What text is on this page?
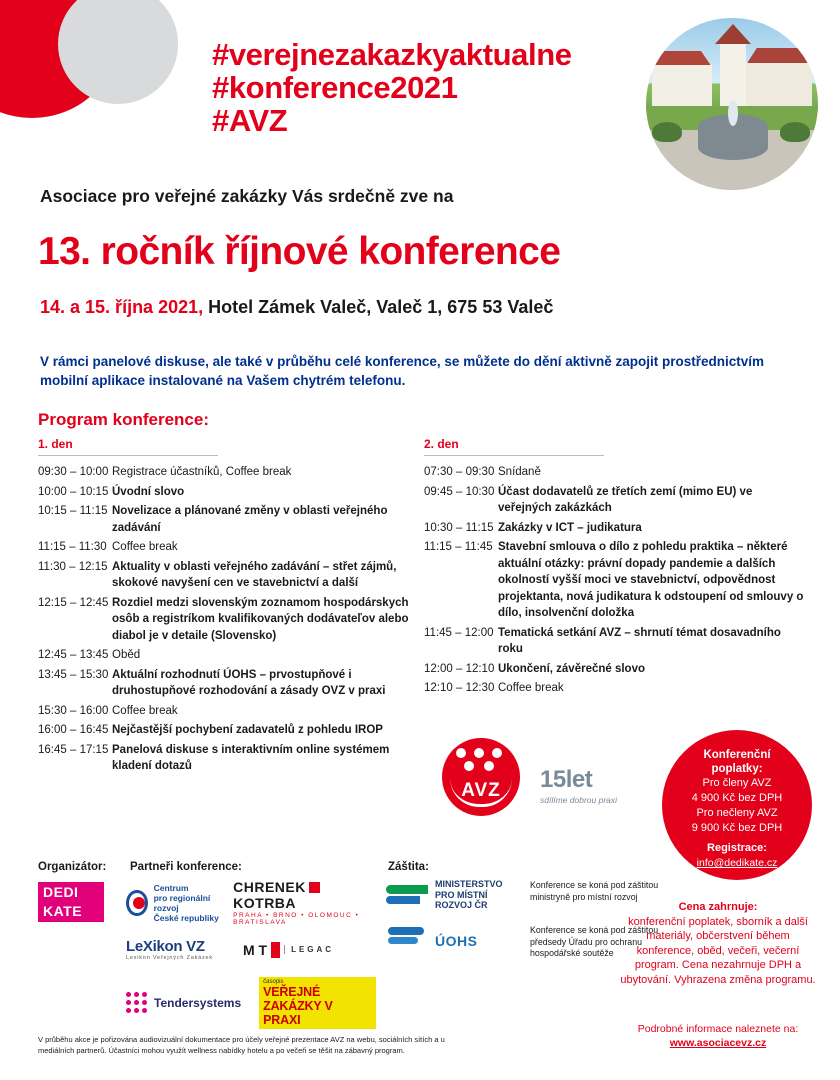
#verejnezakazkyaktualne
#konference2021
#AVZ
Asociace pro veřejné zakázky Vás srdečně zve na
13. ročník říjnové konference
14. a 15. října 2021, Hotel Zámek Valeč, Valeč 1, 675 53 Valeč
V rámci panelové diskuse, ale také v průběhu celé konference, se můžete do dění aktivně zapojit prostřednictvím mobilní aplikace instalované na Vašem chytrém telefonu.
Program konference:
1. den
09:30 – 10:00 Registrace účastníků, Coffee break
10:00 – 10:15 Úvodní slovo
10:15 – 11:15 Novelizace a plánované změny v oblasti veřejného zadávání
11:15 – 11:30 Coffee break
11:30 – 12:15 Aktuality v oblasti veřejného zadávání – střet zájmů, skokové navyšení cen ve stavebnictví a další
12:15 – 12:45 Rozdiel medzi slovenským zoznamom hospodárskych osôb a registríkom kvalifikovaných dodávateľov alebo diabol je v detaile (Slovensko)
12:45 – 13:45 Oběd
13:45 – 15:30 Aktuální rozhodnutí ÚOHS – prvostupňové i druhostupňové rozhodování a zásady OVZ v praxi
15:30 – 16:00 Coffee break
16:00 – 16:45 Nejčastější pochybení zadavatelů z pohledu IROP
16:45 – 17:15 Panelová diskuse s interaktivním online systémem kladení dotazů
2. den
07:30 – 09:30 Snídaně
09:45 – 10:30 Účast dodavatelů ze třetích zemí (mimo EU) ve veřejných zakázkách
10:30 – 11:15 Zakázky v ICT – judikatura
11:15 – 11:45 Stavební smlouva o dílo z pohledu praktika – některé aktuální otázky: právní dopady pandemie a dalších okolností vyšší moci ve stavebnictví, odpovědnost projektanta, nová judikatura k odstoupení od smlouvy o dílo, insolvenční doložka
11:45 – 12:00 Tematická setkání AVZ – shrnutí témat dosavadního roku
12:00 – 12:10 Ukončení, závěrečné slovo
12:10 – 12:30 Coffee break
AVZ	15let
sdílíme dobrou praxi
Konferenční
poplatky:
Pro členy AVZ
4 900 Kč bez DPH
Pro nečleny AVZ
9 900 Kč bez DPH
Registrace:
info@dedikate.cz
Organizátor:
DEDI
KATE
Partneři konference:
Centrum
pro regionální rozvoj
České republiky
CHRENEKKOTRBA
PRAHA • BRNO • OLOMOUC • BRATISLAVA
LeXikon VZ
Lexikon Veřejných Zakázek
M T	LEGAC
Tendersystems
časopis
VEŘEJNÉ ZAKÁZKY V PRAXI
Záštita:
MINISTERSTVO
PRO MÍSTNÍ
ROZVOJ ČR
Konference se koná pod záštitou ministryně pro místní rozvoj
ÚOHS
Konference se koná pod záštitou předsedy Úřadu pro ochranu hospodářské soutěže
Cena zahrnuje:
konferenční poplatek, sborník a další materiály, občerstvení během konference, oběd, večeři, večerní program. Cena nezahrnuje DPH a ubytování. Vyhrazena změna programu.
Podrobné informace naleznete na:
www.asociacevz.cz
V průběhu akce je pořizována audiovizuální dokumentace pro účely veřejné prezentace AVZ na webu, sociálních sítích a u mediálních partnerů. Účastníci mohou využít wellness nabídky hotelu a po večeři se těšit na zábavný program.
